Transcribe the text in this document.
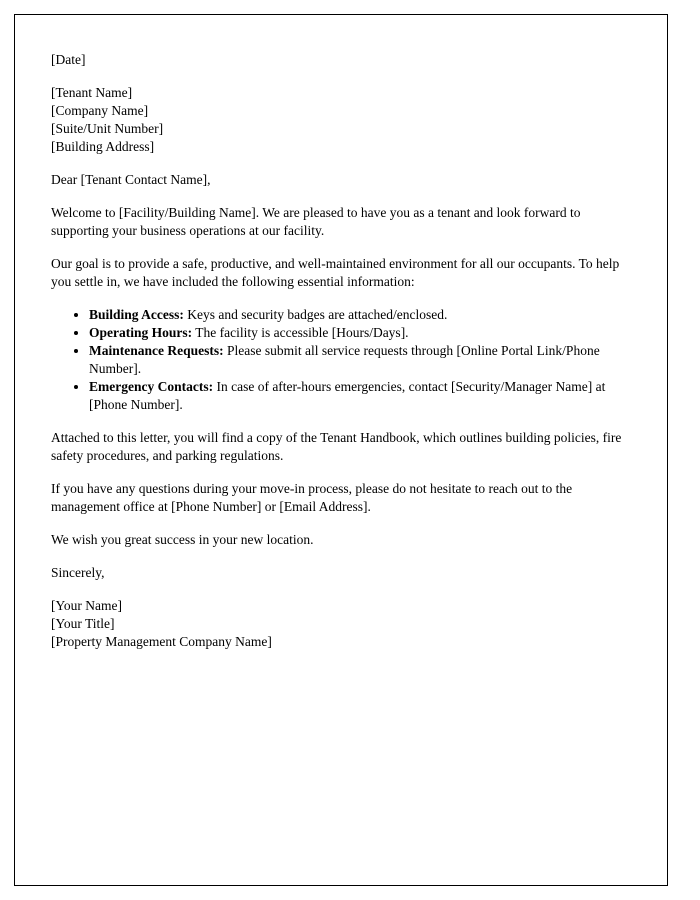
[Date]

[Tenant Name]

[Company Name]

[Suite/Unit Number]

[Building Address]

Dear [Tenant Contact Name],

Welcome to [Facility/Building Name]. We are pleased to have you as a tenant and look forward to supporting your business operations at our facility.

Our goal is to provide a safe, productive, and well-maintained environment for all our occupants. To help you settle in, we have included the following essential information:

• Building Access: Keys and security badges are attached/enclosed.
• Operating Hours: The facility is accessible [Hours/Days].
• Maintenance Requests: Please submit all service requests through [Online Portal Link/Phone Number].
• Emergency Contacts: In case of after-hours emergencies, contact [Security/Manager Name] at [Phone Number].

Attached to this letter, you will find a copy of the Tenant Handbook, which outlines building policies, fire safety procedures, and parking regulations.

If you have any questions during your move-in process, please do not hesitate to reach out to the management office at [Phone Number] or [Email Address].

We wish you great success in your new location.

Sincerely,

[Your Name]

[Your Title]

[Property Management Company Name]
